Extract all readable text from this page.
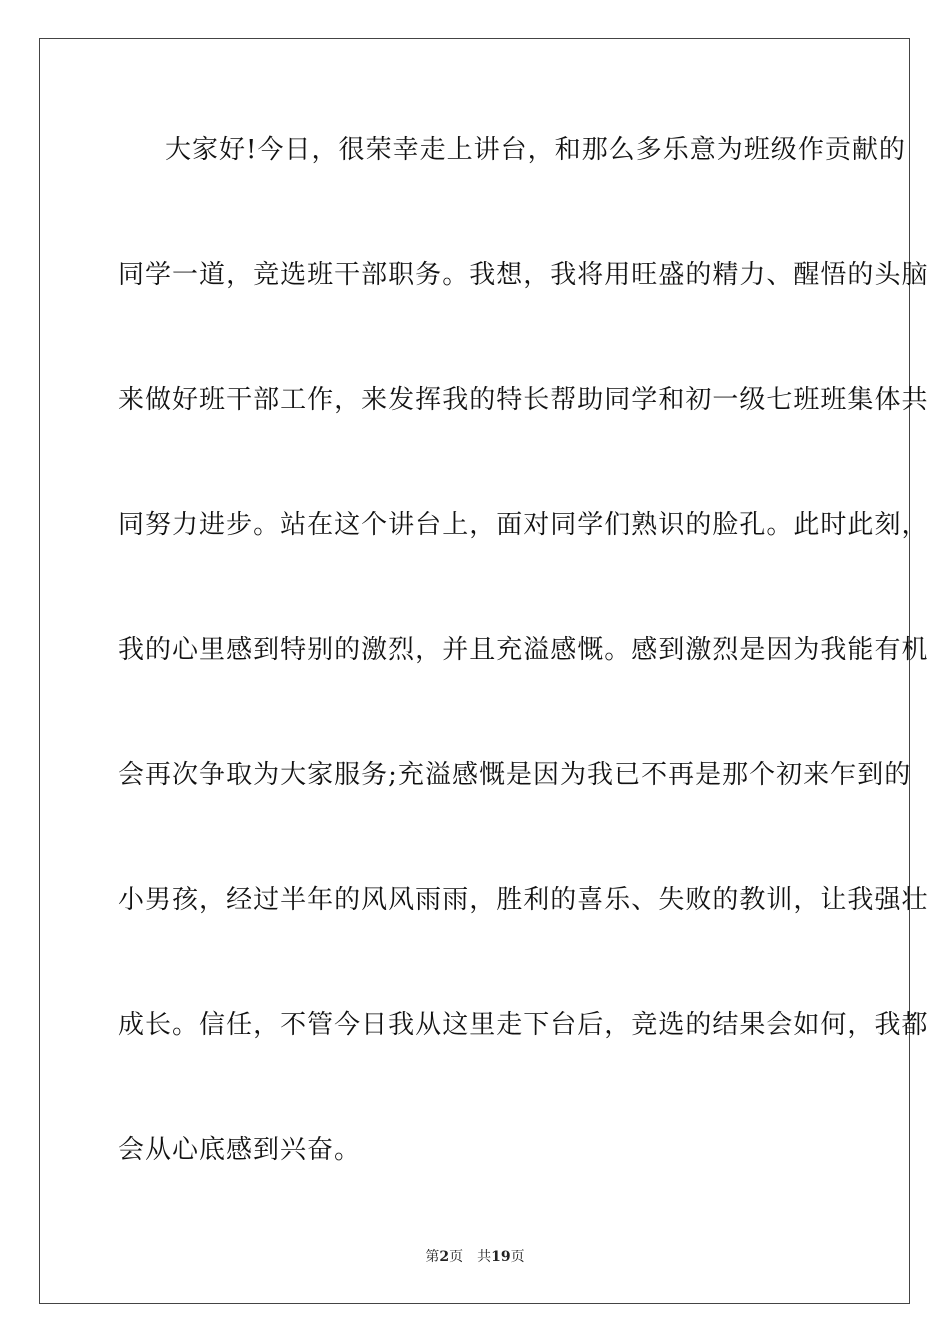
大 家 好 ! 今 日 ， 很 荣 幸 走 上 讲 台 ， 和 那 么 多 乐 意 为 班 级 作 贡 献 的
同 学 一 道 ， 竞 选 班 干 部 职 务 。 我 想 ， 我 将 用 旺 盛 的 精 力 、 醒 悟 的 头 脑
来 做 好 班 干 部 工 作 ， 来 发 挥 我 的 特 长 帮 助 同 学 和 初 一 级 七 班 班 集 体 共
同 努 力 进 步 。 站 在 这 个 讲 台 上 ， 面 对 同 学 们 熟 识 的 脸 孔 。 此 时 此 刻 ，
我 的 心 里 感 到 特 别 的 激 烈 ， 并 且 充 溢 感 慨 。 感 到 激 烈 是 因 为 我 能 有 机
会 再 次 争 取 为 大 家 服 务 ; 充 溢 感 慨 是 因 为 我 已 不 再 是 那 个 初 来 乍 到 的
小 男 孩 ， 经 过 半 年 的 风 风 雨 雨 ， 胜 利 的 喜 乐 、 失 败 的 教 训 ， 让 我 强 壮
成 长 。 信 任 ， 不 管 今 日 我 从 这 里 走 下 台 后 ， 竞 选 的 结 果 会 如 何 ， 我 都
会从心底感到兴奋。
第2页 共19页
